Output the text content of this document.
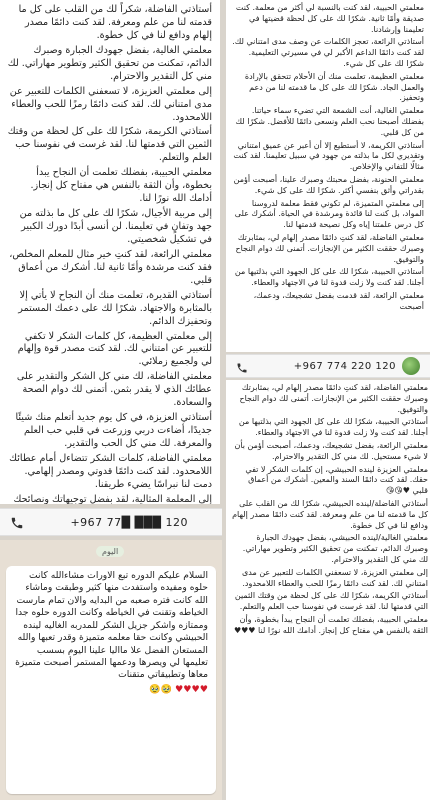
أستاذتي الفاضلة، شكراً لك من القلب على كل ما قدمته لنا من علم ومعرفة. لقد كنت دائمًا مصدر إلهام ودافع لنا في كل خطوة.

معلمتي الغالية، بفضل جهودك الجبارة وصبرك الدائم، تمكنت من تحقيق الكثير وتطوير مهاراتي. لك مني كل التقدير والاحترام.

إلى معلمتي العزيزة، لا تسعفني الكلمات للتعبير عن مدى امتناني لك. لقد كنت دائمًا رمزًا للحب والعطاء اللامحدود.

أستاذتي الكريمة، شكرًا لك على كل لحظة من وقتك الثمين التي قدمتها لنا. لقد غرست في نفوسنا حب العلم والتعلم.

معلمتي الحبيبة، بفضلك تعلمت أن النجاح يبدأ بخطوة، وأن الثقة بالنفس هي مفتاح كل إنجاز. أدامك الله نورًا لنا.

إلى مربية الأجيال، شكرًا لك على كل ما بذلته من جهد وتفانٍ في تعليمنا. لن أنسى أبدًا دورك الكبير في تشكيل شخصيتي.

معلمتي الرائعة، لقد كنتِ خير مثال للمعلم المخلص، فقد كنت مرشدة وأمًا ثانية لنا. أشكرك من أعماق قلبي.

أستاذتي القديرة، تعلمت منك أن النجاح لا يأتي إلا بالمثابرة والاجتهاد. شكرًا لك على دعمك المستمر وتحفيزك الدائم.

إلى معلمتي العظيمة، كل كلمات الشكر لا تكفي للتعبير عن امتناني لك. لقد كنت مصدر قوة وإلهام لي ولجميع زملائي.

معلمتي الفاضلة، لك مني كل الشكر والتقدير على عطائك الذي لا يقدر بثمن. أتمنى لك دوام الصحة والسعادة.

أستاذتي العزيزة، في كل يوم جديد أتعلم منك شيئًا جديدًا، أضاءت دربي وزرعت في قلبي حب العلم والمعرفة. لك مني كل الحب والتقدير.

معلمتي الفاضلة، كلمات الشكر تتضاءل أمام عطائك اللامحدود. لقد كنت دائمًا قدوتي ومصدر إلهامي. دمت لنا نبراسًا يضيء طريقنا.

إلى المعلمة المثالية، لقد بفضل توجيهاتك ونصائحك

+967 77█ ███ 120
اليوم

السلام عليكم الدوره تبع الاورات مشاءالله كانت حلوه ومفيده واستفدت منها كثير وطبقت وماشاء الله كانت فتره صعبه من البدايه والان تمام مارست الخياطه وتقنت في الخياطه وكانت الدوره حلوه جدا وممتازه واشكر جزيل الشكر للمدربه الغاليه لينده الحبيشي وكانت حقا معلمه متميزة وقدر تعبها والله المستعان الفضل علا مااليا علينا اليوم بسسب تعليمها لي ويصرها ودعمها المستمر أصبحت متميزة معاها وتطبيقاتي متقنات

♥♥♥♥ 🥹🥹

معلمتي الحبيبة، لقد كنت بالنسبة لي أكثر من معلمة. كنت صديقة وأمًا ثانية. شكرًا لك على كل لحظة قضيتها في تعليمنا وإرشادنا.

أستاذتي الرائعة، تعجز الكلمات عن وصف مدى امتناني لك. لقد كنت دائمًا الداعم الأكبر لي في مسيرتي التعليمية. شكرًا لك على كل شيء.

معلمتي العظيمة، تعلمت منك أن الأحلام تتحقق بالإرادة والعمل الجاد. شكرًا لك على كل ما قدمته لنا من دعم وتحفيز.

معلمتي الغالية، أنت الشمعة التي تضيء سماء حياتنا. بفضلك أصبحنا نحب العلم ونسعى دائمًا للأفضل. شكرًا لك من كل قلبي.

أستاذتي الكريمة، لا أستطيع إلا أن أعبر عن عميق امتناني وتقديري لكل ما بذلته من جهود في سبيل تعليمنا. لقد كنت مثالًا للتفاني والإخلاص.

معلمتي الحنونة، بفضل محبتك وصبرك علينا، أصبحت أؤمن بقدراتي وأثق بنفسي أكثر. شكرًا لك على كل شيء.

إلى معلمتي المتميزة، لم تكوني فقط معلمة لدروسنا المواد، بل كنت لنا قائدة ومرشدة في الحياة. أشكرك على كل درس علمتنا إياه وكل نصيحة قدمتها لنا.

معلمتي الفاضلة، لقد كنتِ دائمًا مصدر إلهام لي، بمثابرتك وصبرك حققت الكثير من الإنجازات. أتمنى لك دوام النجاح والتوفيق.

أستاذتي الحبيبة، شكرًا لك على كل الجهود التي بذلتيها من أجلنا. لقد كنت ولا زلت قدوة لنا في الاجتهاد والعطاء.

معلمتي الرائعة، لقد قدمت بفضل تشجيعك، ودعمك، أصبحت

+967 774 220 120

معلمتي الفاضلة، لقد كنتِ دائمًا مصدر إلهام لي، بمثابرتك وصبرك حققت الكثير من الإنجازات. أتمنى لك دوام النجاح والتوفيق.

أستاذتي الحبيبة، شكرًا لك على كل الجهود التي بذلتيها من أجلنا. لقد كنت ولا زلت قدوة لنا في الاجتهاد والعطاء.

معلمتي الرائعة، بفضل تشجيعك، ودعمك، أصبحت أؤمن بأن لا شيء مستحيل. لك مني كل التقدير والاحترام.

معلمتي العزيزة لينده الحبيشي، إن كلمات الشكر لا تفي حقك. لقد كنت دائمًا السند والمعين. أشكرك من أعماق قلبي ♥😘😘

أستاذتي الفاضلة/لينده الحبيشي، شكرًا لك من القلب على كل ما قدمته لنا من علم ومعرفة. لقد كنت دائمًا مصدر إلهام ودافع لنا في كل خطوة.

معلمتي الغالية/لينده الحبيشي، بفضل جهودك الجبارة وصبرك الدائم، تمكنت من تحقيق الكثير وتطوير مهاراتي. لك مني كل التقدير والاحترام.

إلى معلمتي العزيزة، لا تسعفني الكلمات للتعبير عن مدى امتناني لك. لقد كنت دائمًا رمزًا للحب والعطاء اللامحدود.

أستاذتي الكريمة، شكرًا لك على كل لحظة من وقتك الثمين التي قدمتها لنا. لقد غرست في نفوسنا حب العلم والتعلم.

معلمتي الحبيبة، بفضلك تعلمت أن النجاح يبدأ بخطوة، وأن الثقة بالنفس هي مفتاح كل إنجاز. أدامك الله نورًا لنا ♥♥♥
